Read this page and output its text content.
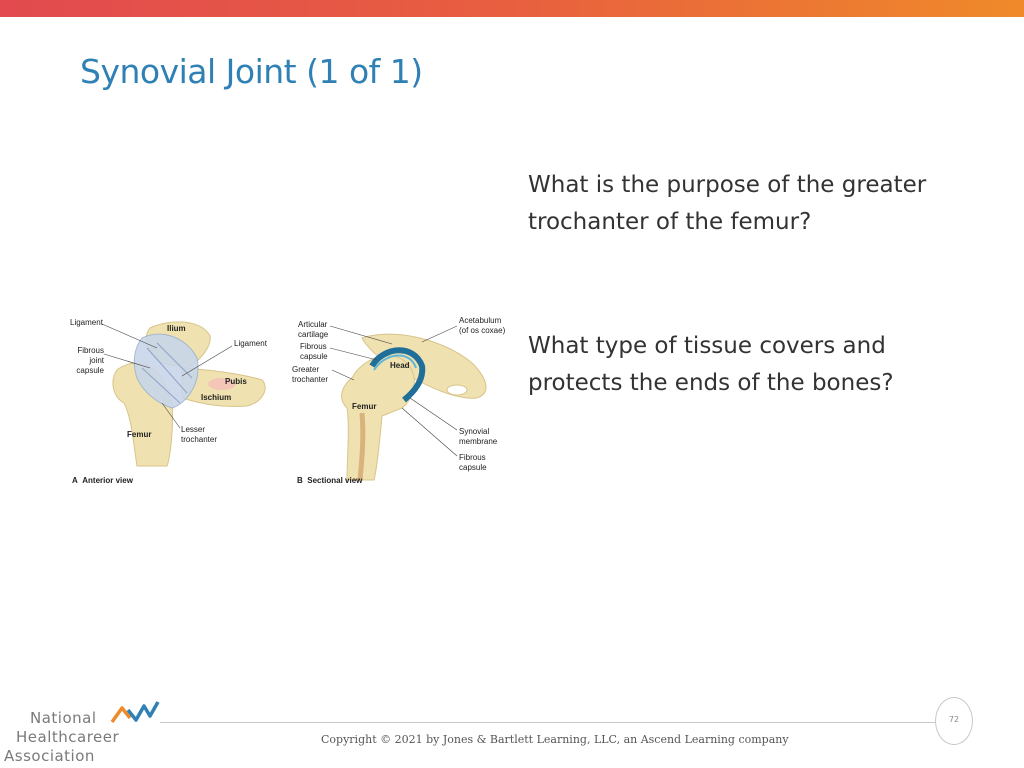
Synovial Joint (1 of 1)

What is the purpose of the greater trochanter of the femur?

What type of tissue covers and protects the ends of the bones?

Ligament
Fibrous
joint
capsule
Ilium
Ligament
Pubis
Ischium
Lesser
trochanter
Femur
A Anterior view
Articular
cartilage
Fibrous
capsule
Greater
trochanter
Acetabulum
(of os coxae)
Head
Femur
Synovial
membrane
Fibrous
capsule
B Sectional view
National
Healthcareer
Association
72
Copyright © 2021 by Jones & Bartlett Learning, LLC, an Ascend Learning company
